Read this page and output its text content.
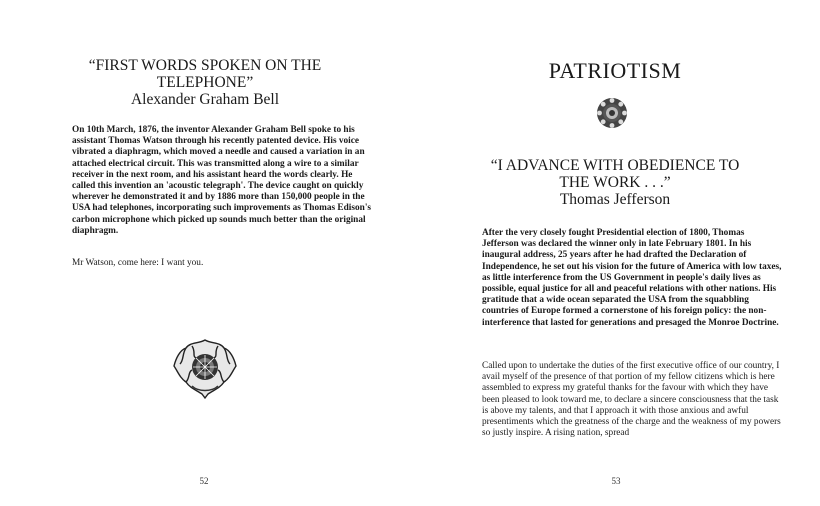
“FIRST WORDS SPOKEN ON THE
TELEPHONE”
Alexander Graham Bell

On 10th March, 1876, the inventor Alexander Graham Bell spoke to his assistant Thomas Watson through his recently patented device. His voice vibrated a diaphragm, which moved a needle and caused a variation in an attached electrical circuit. This was transmitted along a wire to a similar receiver in the next room, and his assistant heard the words clearly. He called this invention an 'acoustic telegraph'. The device caught on quickly wherever he demonstrated it and by 1886 more than 150,000 people in the USA had telephones, incorporating such improvements as Thomas Edison's carbon microphone which picked up sounds much better than the original diaphragm.

Mr Watson, come here: I want you.

52
PATRIOTISM
“I ADVANCE WITH OBEDIENCE TO
THE WORK . . .”
Thomas Jefferson

After the very closely fought Presidential election of 1800, Thomas Jefferson was declared the winner only in late February 1801. In his inaugural address, 25 years after he had drafted the Declaration of Independence, he set out his vision for the future of America with low taxes, as little interference from the US Government in people's daily lives as possible, equal justice for all and peaceful relations with other nations. His gratitude that a wide ocean separated the USA from the squabbling countries of Europe formed a cornerstone of his foreign policy: the non-interference that lasted for generations and presaged the Monroe Doctrine.

Called upon to undertake the duties of the first executive office of our country, I avail myself of the presence of that portion of my fellow citizens which is here assembled to express my grateful thanks for the favour with which they have been pleased to look toward me, to declare a sincere consciousness that the task is above my talents, and that I approach it with those anxious and awful presentiments which the greatness of the charge and the weakness of my powers so justly inspire. A rising nation, spread

53
